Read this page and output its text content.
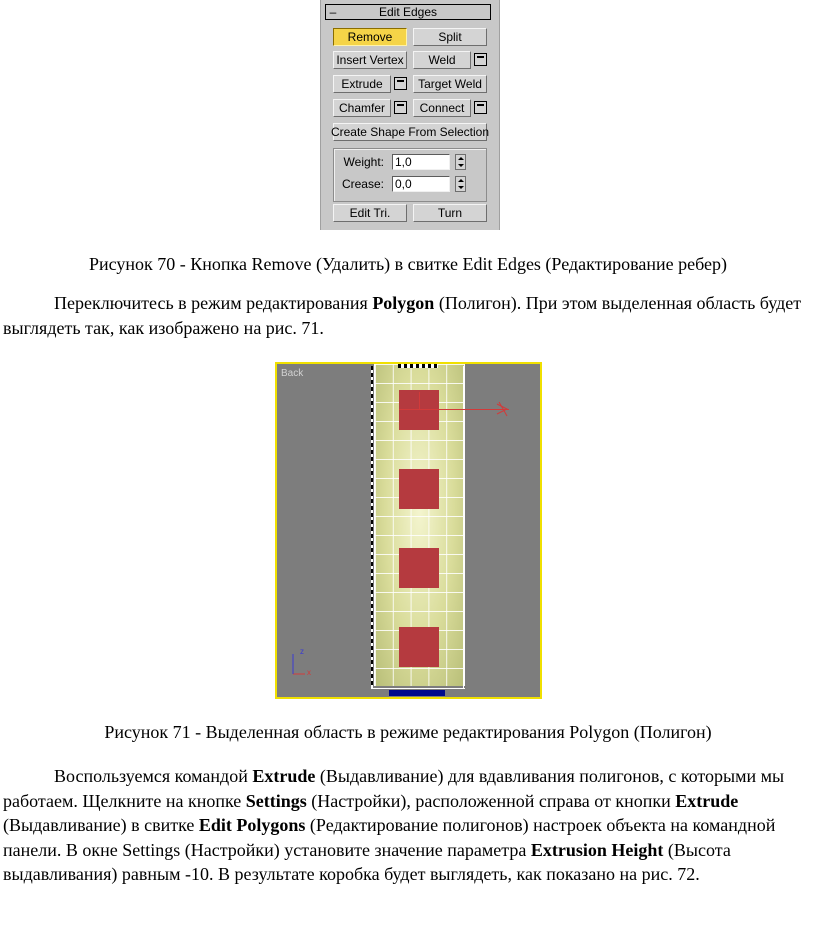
–	Edit Edges
Remove	Split
Insert Vertex	Weld
Extrude	Target Weld
Chamfer	Connect
Create Shape From Selection
Weight: 1,0
Crease: 0,0
Edit Tri.	Turn
Рисунок 70 - Кнопка Remove (Удалить) в свитке Edit Edges (Редактирование ребер)

Переключитесь в режим редактирования Polygon (Полигон). При этом выделенная область будет выглядеть так, как изображено на рис. 71.

Back
z
x
Рисунок 71 - Выделенная область в режиме редактирования Polygon (Полигон)

Воспользуемся командой Extrude (Выдавливание) для вдавливания полигонов, с которыми мы работаем. Щелкните на кнопке Settings (Настройки), расположенной справа от кнопки Extrude (Выдавливание) в свитке Edit Polygons (Редактирование полигонов) настроек объекта на командной панели. В окне Settings (Настройки) установите значение параметра Extrusion Height (Высота выдавливания) равным -10. В результате коробка будет выглядеть, как показано на рис. 72.
